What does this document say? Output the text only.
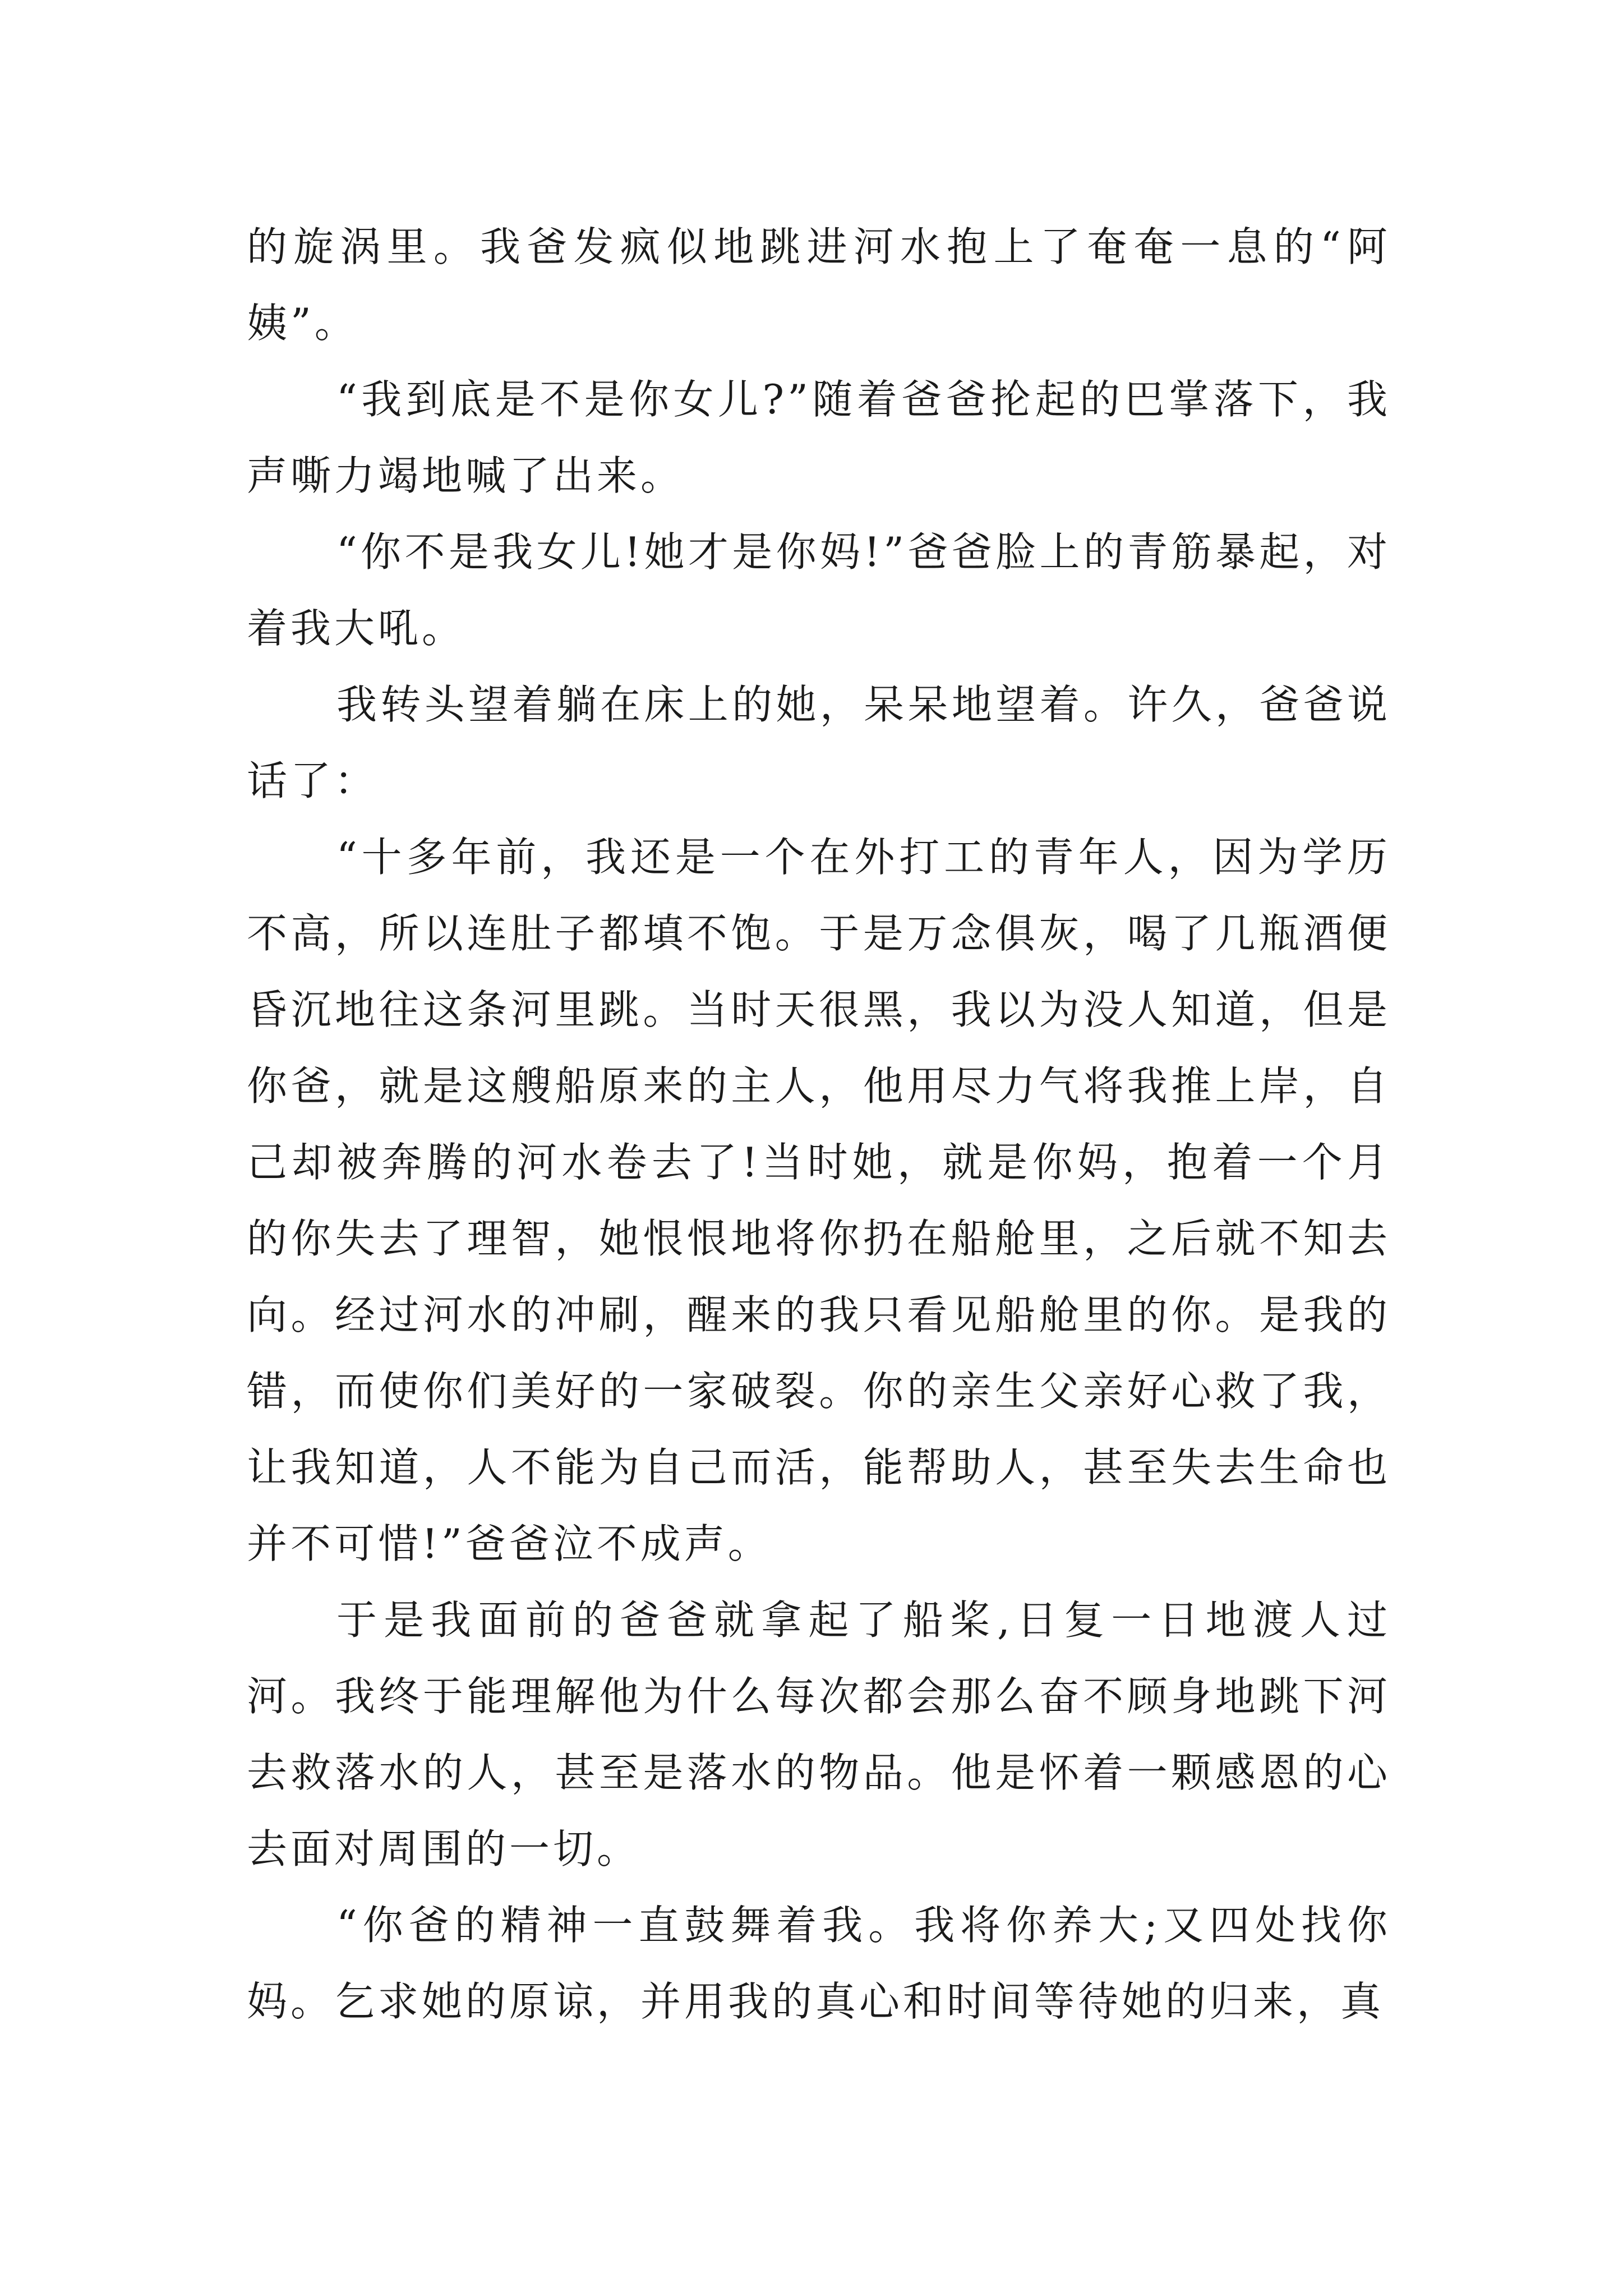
的旋涡里。我爸发疯似地跳进河水抱上了奄奄一息的“阿姨”。

“我到底是不是你女儿?”随着爸爸抡起的巴掌落下，我声嘶力竭地喊了出来。

“你不是我女儿!她才是你妈!”爸爸脸上的青筋暴起，对着我大吼。

我转头望着躺在床上的她，呆呆地望着。许久，爸爸说话了：

“十多年前，我还是一个在外打工的青年人，因为学历不高，所以连肚子都填不饱。于是万念俱灰，喝了几瓶酒便昏沉地往这条河里跳。当时天很黑，我以为没人知道，但是你爸，就是这艘船原来的主人，他用尽力气将我推上岸，自己却被奔腾的河水卷去了!当时她，就是你妈，抱着一个月的你失去了理智，她恨恨地将你扔在船舱里，之后就不知去向。经过河水的冲刷，醒来的我只看见船舱里的你。是我的错，而使你们美好的一家破裂。你的亲生父亲好心救了我，让我知道，人不能为自己而活，能帮助人，甚至失去生命也并不可惜!”爸爸泣不成声。

于是我面前的爸爸就拿起了船桨,日复一日地渡人过河。我终于能理解他为什么每次都会那么奋不顾身地跳下河去救落水的人，甚至是落水的物品。他是怀着一颗感恩的心去面对周围的一切。

“你爸的精神一直鼓舞着我。我将你养大;又四处找你妈。乞求她的原谅，并用我的真心和时间等待她的归来，真
